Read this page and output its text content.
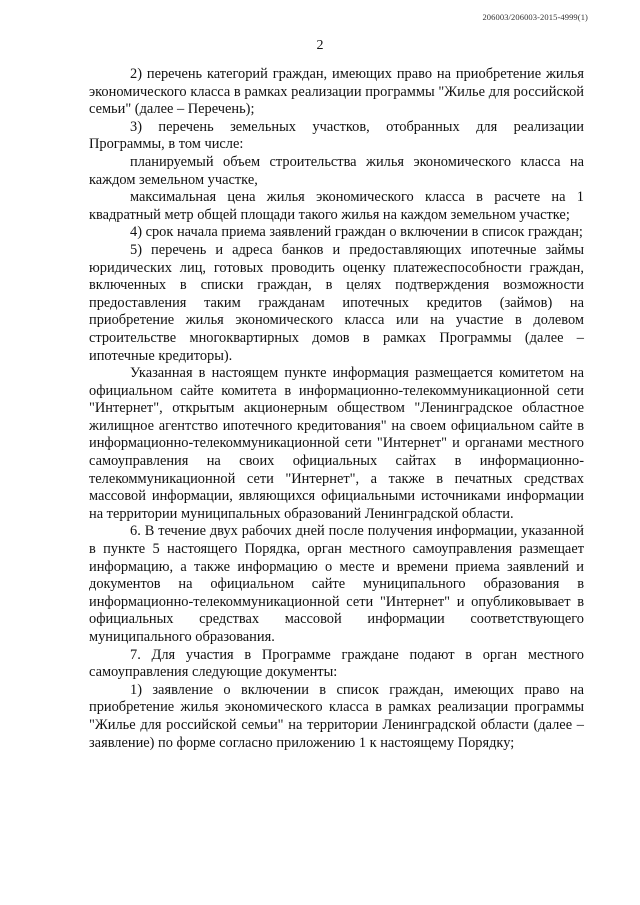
206003/206003-2015-4999(1)
2

2) перечень категорий граждан, имеющих право на приобретение жилья экономического класса в рамках реализации программы "Жилье для российской семьи" (далее – Перечень);

3) перечень земельных участков, отобранных для реализации Программы, в том числе:

планируемый объем строительства жилья экономического класса на каждом земельном участке,

максимальная цена жилья экономического класса в расчете на 1 квадратный метр общей площади такого жилья на каждом земельном участке;

4) срок начала приема заявлений граждан о включении в список граждан;

5) перечень и адреса банков и предоставляющих ипотечные займы юридических лиц, готовых проводить оценку платежеспособности граждан, включенных в списки граждан, в целях подтверждения возможности предоставления таким гражданам ипотечных кредитов (займов) на приобретение жилья экономического класса или на участие в долевом строительстве многоквартирных домов в рамках Программы (далее – ипотечные кредиторы).

Указанная в настоящем пункте информация размещается комитетом на официальном сайте комитета в информационно-телекоммуникационной сети "Интернет", открытым акционерным обществом "Ленинградское областное жилищное агентство ипотечного кредитования" на своем официальном сайте в информационно-телекоммуникационной сети "Интернет" и органами местного самоуправления на своих официальных сайтах в информационно-телекоммуникационной сети "Интернет", а также в печатных средствах массовой информации, являющихся официальными источниками информации на территории муниципальных образований Ленинградской области.

6. В течение двух рабочих дней после получения информации, указанной в пункте 5 настоящего Порядка, орган местного самоуправления размещает информацию, а также информацию о месте и времени приема заявлений и документов на официальном сайте муниципального образования в информационно-телекоммуникационной сети "Интернет" и опубликовывает в официальных средствах массовой информации соответствующего муниципального образования.

7. Для участия в Программе граждане подают в орган местного самоуправления следующие документы:

1) заявление о включении в список граждан, имеющих право на приобретение жилья экономического класса в рамках реализации программы "Жилье для российской семьи" на территории Ленинградской области (далее – заявление) по форме согласно приложению 1 к настоящему Порядку;
